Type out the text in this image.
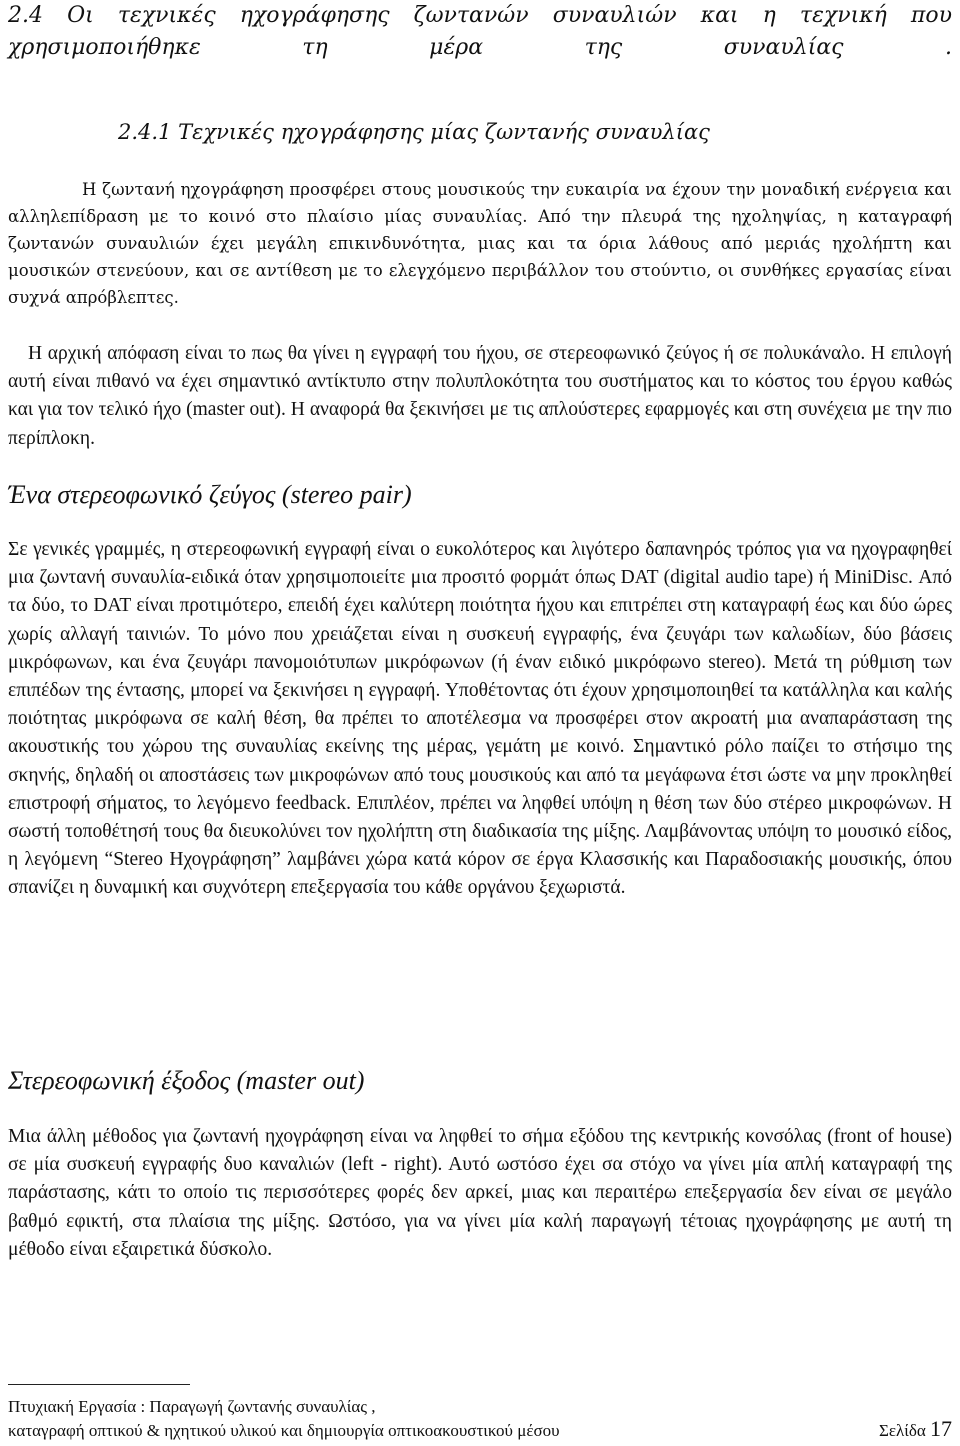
2.4 Οι τεχνικές ηχογράφησης ζωντανών συναυλιών και η τεχνική που χρησιμοποιήθηκε τη μέρα της συναυλίας .
2.4.1 Τεχνικές ηχογράφησης μίας ζωντανής συναυλίας

Η ζωντανή ηχογράφηση προσφέρει στους μουσικούς την ευκαιρία να έχουν την μοναδική ενέργεια και αλληλεπίδραση με το κοινό στο πλαίσιο μίας συναυλίας. Από την πλευρά της ηχοληψίας, η καταγραφή ζωντανών συναυλιών έχει μεγάλη επικινδυνότητα, μιας και τα όρια λάθους από μεριάς ηχολήπτη και μουσικών στενεύουν, και σε αντίθεση με το ελεγχόμενο περιβάλλον του στούντιο, οι συνθήκες εργασίας είναι συχνά απρόβλεπτες.

Η αρχική απόφαση είναι το πως θα γίνει η εγγραφή του ήχου, σε στερεοφωνικό ζεύγος ή σε πολυκάναλο. Η επιλογή αυτή είναι πιθανό να έχει σημαντικό αντίκτυπο στην πολυπλοκότητα του συστήματος και το κόστος του έργου καθώς και για τον τελικό ήχο (master out). Η αναφορά θα ξεκινήσει με τις απλούστερες εφαρμογές και στη συνέχεια με την πιο περίπλοκη.

Ένα στερεοφωνικό ζεύγος (stereo pair)

Σε γενικές γραμμές, η στερεοφωνική εγγραφή είναι ο ευκολότερος και λιγότερο δαπανηρός τρόπος για να ηχογραφηθεί μια ζωντανή συναυλία-ειδικά όταν χρησιμοποιείτε μια προσιτό φορμάτ όπως DAT (digital audio tape) ή MiniDisc. Από τα δύο, το DAT είναι προτιμότερο, επειδή έχει καλύτερη ποιότητα ήχου και επιτρέπει στη καταγραφή έως και δύο ώρες χωρίς αλλαγή ταινιών. Το μόνο που χρειάζεται είναι η συσκευή εγγραφής, ένα ζευγάρι των καλωδίων, δύο βάσεις μικρόφωνων, και ένα ζευγάρι πανομοιότυπων μικρόφωνων (ή έναν ειδικό μικρόφωνο stereo). Μετά τη ρύθμιση των επιπέδων της έντασης, μπορεί να ξεκινήσει η εγγραφή. Υποθέτοντας ότι έχουν χρησιμοποιηθεί τα κατάλληλα και καλής ποιότητας μικρόφωνα σε καλή θέση, θα πρέπει το αποτέλεσμα να προσφέρει στον ακροατή μια αναπαράσταση της ακουστικής του χώρου της συναυλίας εκείνης της μέρας, γεμάτη με κοινό. Σημαντικό ρόλο παίζει το στήσιμο της σκηνής, δηλαδή οι αποστάσεις των μικροφώνων από τους μουσικούς και από τα μεγάφωνα έτσι ώστε να μην προκληθεί επιστροφή σήματος, το λεγόμενο feedback. Επιπλέον, πρέπει να ληφθεί υπόψη η θέση των δύο στέρεο μικροφώνων. Η σωστή τοποθέτησή τους θα διευκολύνει τον ηχολήπτη στη διαδικασία της μίξης. Λαμβάνοντας υπόψη το μουσικό είδος, η λεγόμενη “Stereo Ηχογράφηση” λαμβάνει χώρα κατά κόρον σε έργα Κλασσικής και Παραδοσιακής μουσικής, όπου σπανίζει η δυναμική και συχνότερη επεξεργασία του κάθε οργάνου ξεχωριστά.

Στερεοφωνική έξοδος (master out)

Μια άλλη μέθοδος για ζωντανή ηχογράφηση είναι να ληφθεί το σήμα εξόδου της κεντρικής κονσόλας (front of house) σε μία συσκευή εγγραφής δυο καναλιών (left - right). Αυτό ωστόσο έχει σα στόχο να γίνει μία απλή καταγραφή της παράστασης, κάτι το οποίο τις περισσότερες φορές δεν αρκεί, μιας και περαιτέρω επεξεργασία δεν είναι σε μεγάλο βαθμό εφικτή, στα πλαίσια της μίξης. Ωστόσο, για να γίνει μία καλή παραγωγή τέτοιας ηχογράφησης με αυτή τη μέθοδο είναι εξαιρετικά δύσκολο.

Πτυχιακή Εργασία : Παραγωγή ζωντανής συναυλίας ,
καταγραφή οπτικού & ηχητικού υλικού και δημιουργία οπτικοακουστικού μέσου	Σελίδα 17
